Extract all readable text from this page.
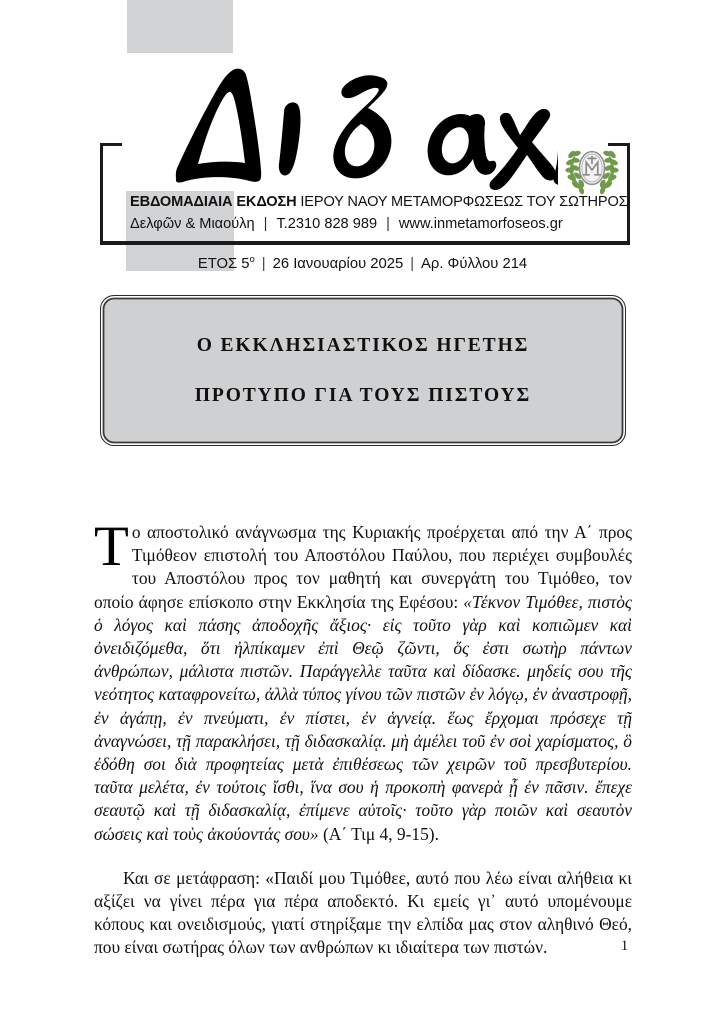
ΕΒΔΟΜΑΔΙΑΙΑ ΕΚΔΟΣΗ ΙΕΡΟΥ ΝΑΟΥ ΜΕΤΑΜΟΡΦΩΣΕΩΣ ΤΟΥ ΣΩΤΗΡΟΣ
Δελφῶν & Μιαούλη | Τ.2310 828 989 | www.inmetamorfoseos.gr
ΕΤΟΣ $5^o$ | 26 Ιανουαρίου 2025 | Αρ. Φύλλου 214
Ο ΕΚΚΛΗΣΙΑΣΤΙΚΟΣ ΗΓΕΤΗΣ
ΠΡΟΤΥΠΟ ΓΙΑ ΤΟΥΣ ΠΙΣΤΟΥΣ

Το αποστολικό ανάγνωσμα της Κυριακής προέρχεται από την Α΄ προς Τιμόθεον επιστολή του Αποστόλου Παύλου, που περιέχει συμβουλές του Αποστόλου προς τον μαθητή και συνεργάτη του Τιμόθεο, τον οποίο άφησε επίσκοπο στην Εκκλησία της Εφέσου: «Τέκνον Τιμόθεε, πιστὸς ὁ λόγος καὶ πάσης ἀποδοχῆς ἄξιος· εἰς τοῦτο γὰρ καὶ κοπιῶμεν καὶ ὀνειδιζόμεθα, ὅτι ἠλπίκαμεν ἐπὶ Θεῷ ζῶντι, ὅς ἐστι σωτὴρ πάντων ἀνθρώπων, μάλιστα πιστῶν. Παράγγελλε ταῦτα καὶ δίδασκε. μηδείς σου τῆς νεότητος καταφρονείτω, ἀλλὰ τύπος γίνου τῶν πιστῶν ἐν λόγῳ, ἐν ἀναστροφῇ, ἐν ἀγάπῃ, ἐν πνεύματι, ἐν πίστει, ἐν ἁγνείᾳ. ἕως ἔρχομαι πρόσεχε τῇ ἀναγνώσει, τῇ παρακλήσει, τῇ διδασκαλίᾳ. μὴ ἀμέλει τοῦ ἐν σοὶ χαρίσματος, ὃ ἐδόθη σοι διὰ προφητείας μετὰ ἐπιθέσεως τῶν χειρῶν τοῦ πρεσβυτερίου. ταῦτα μελέτα, ἐν τούτοις ἴσθι, ἵνα σου ἡ προκοπὴ φανερὰ ᾖ ἐν πᾶσιν. ἔπεχε σεαυτῷ καὶ τῇ διδασκαλίᾳ, ἐπίμενε αὐτοῖς· τοῦτο γὰρ ποιῶν καὶ σεαυτὸν σώσεις καὶ τοὺς ἀκούοντάς σου» (Α΄ Τιμ 4, 9-15).

Και σε μετάφραση: «Παιδί μου Τιμόθεε, αυτό που λέω είναι αλήθεια κι αξίζει να γίνει πέρα για πέρα αποδεκτό. Κι εμείς γι᾿ αυτό υπομένουμε κόπους και ονειδισμούς, γιατί στηρίξαμε την ελπίδα μας στον αληθινό Θεό, που είναι σωτήρας όλων των ανθρώπων κι ιδιαίτερα των πιστών.	1
